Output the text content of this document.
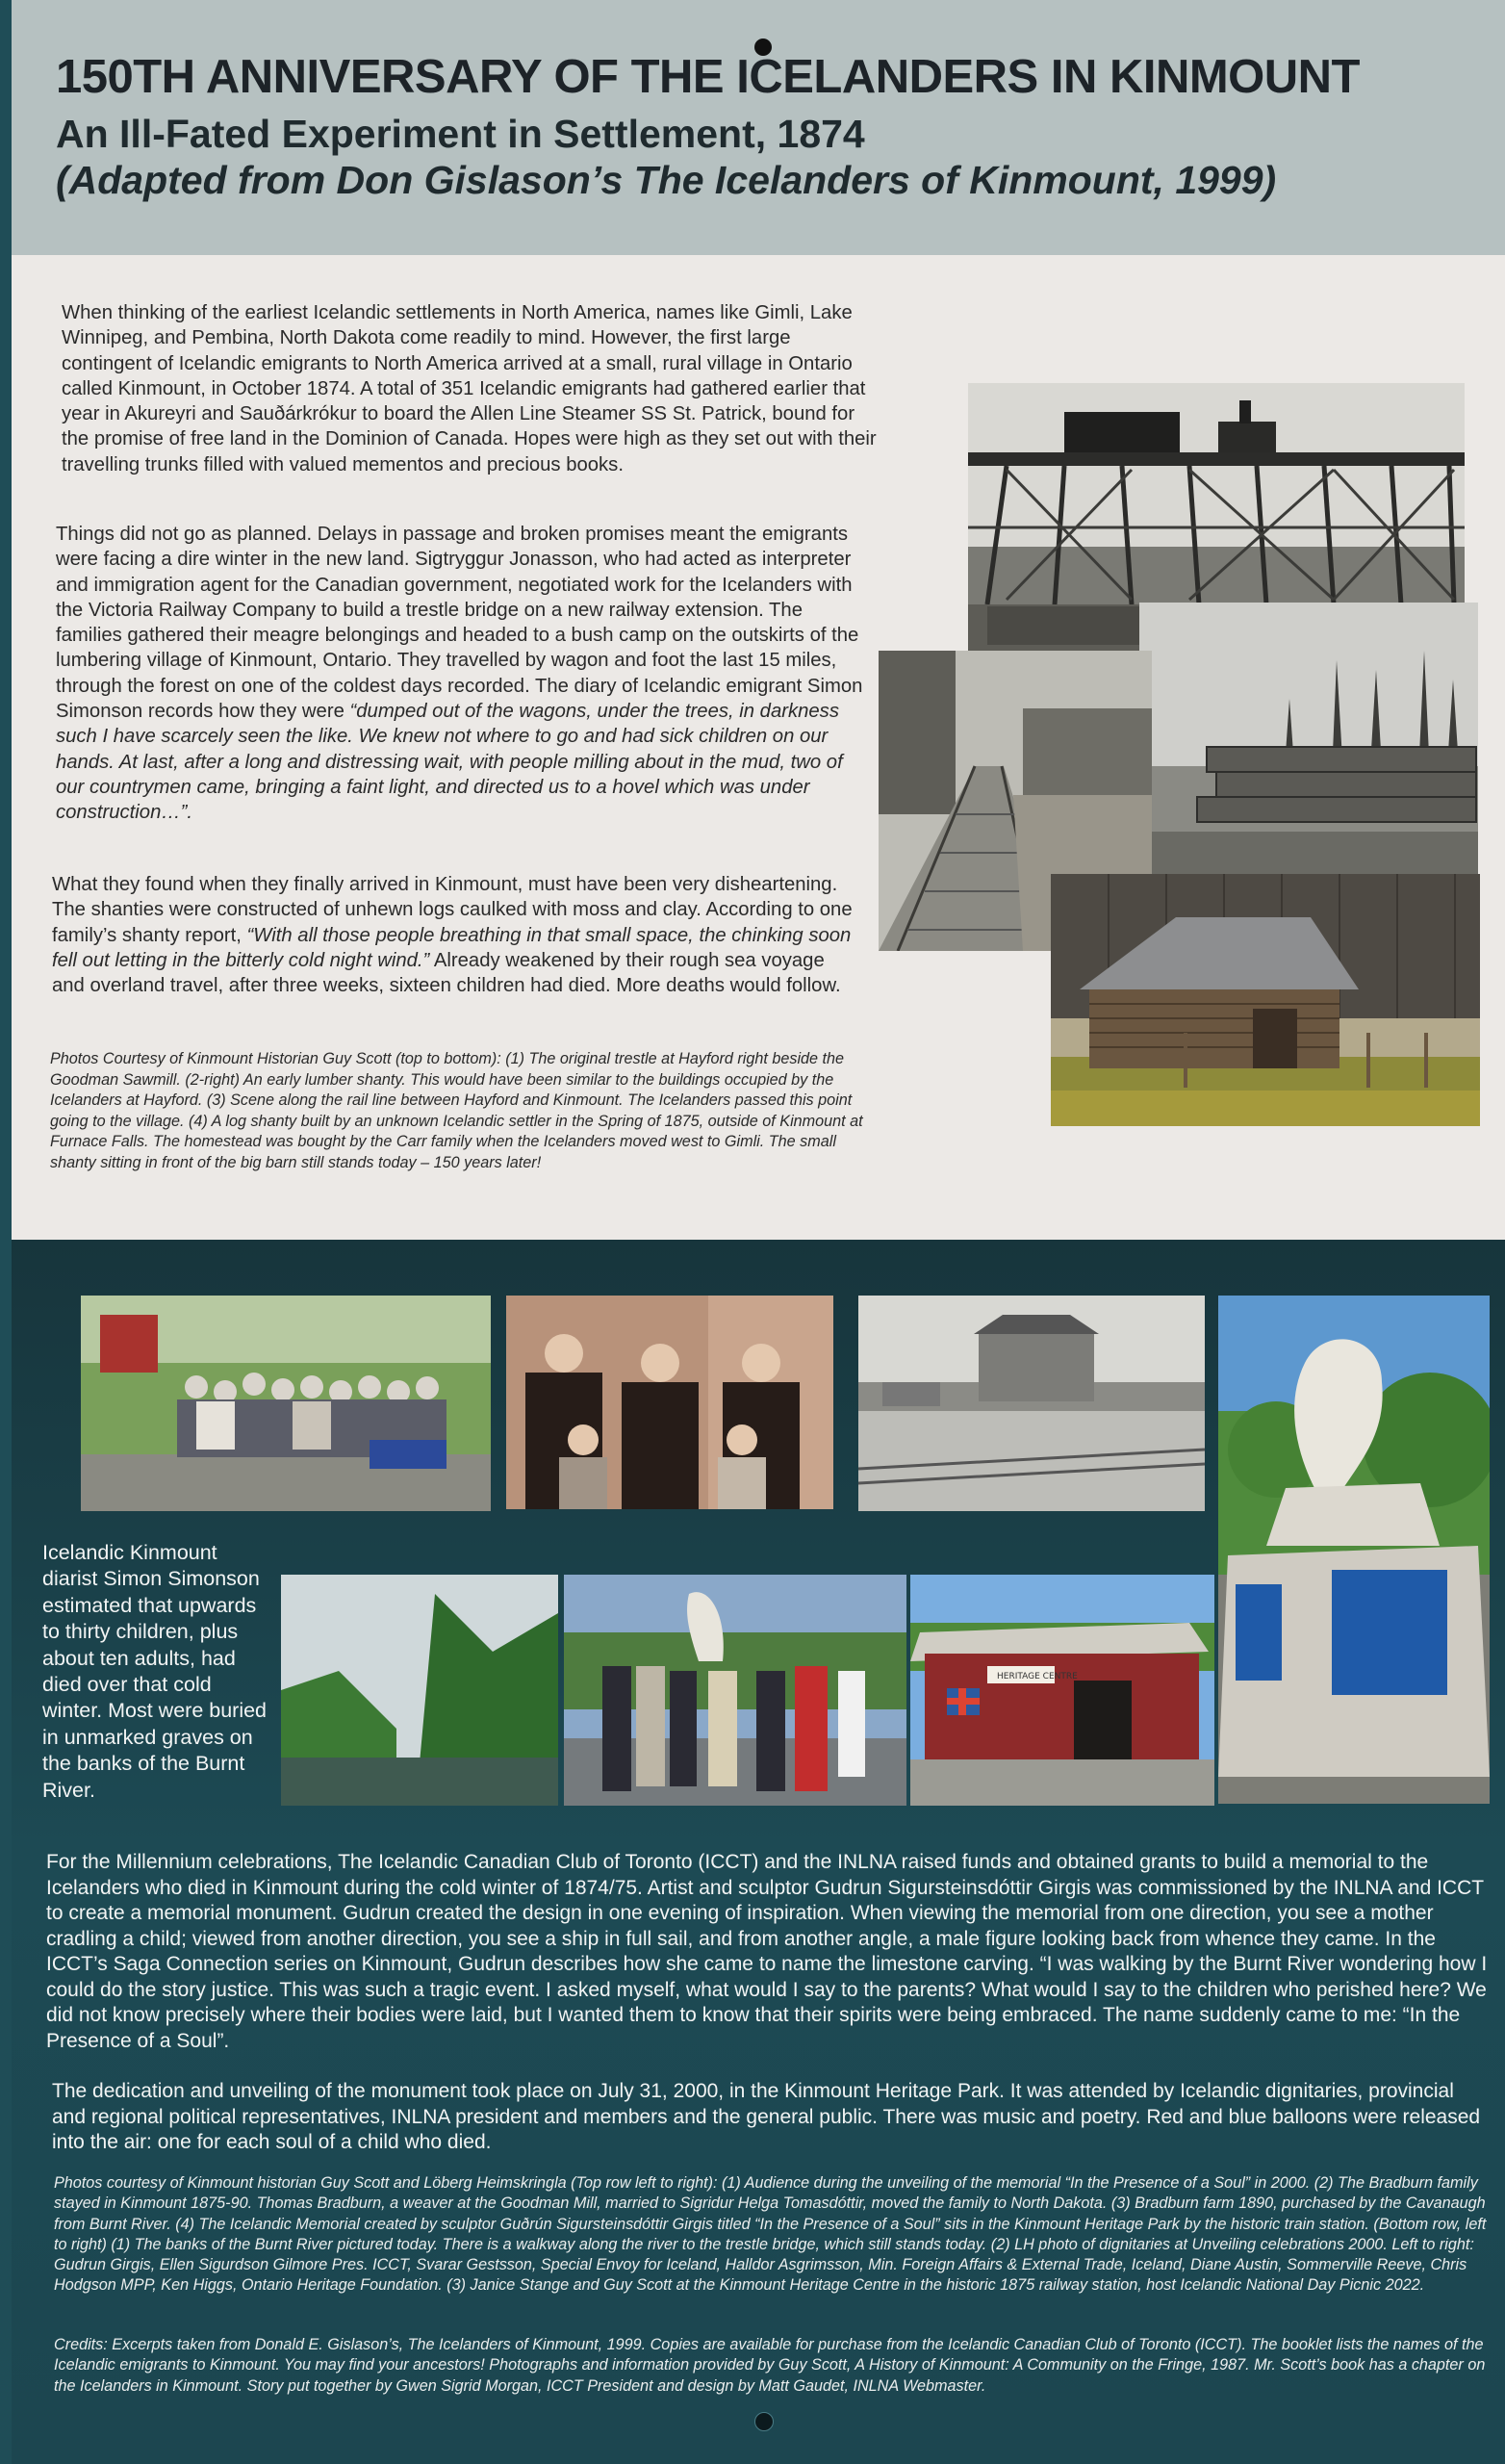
150TH ANNIVERSARY OF THE ICELANDERS IN KINMOUNT
An Ill-Fated Experiment in Settlement, 1874
(Adapted from Don Gislason’s The Icelanders of Kinmount, 1999)

When thinking of the earliest Icelandic settlements in North America, names like Gimli, Lake Winnipeg, and Pembina, North Dakota come readily to mind. However, the first large contingent of Icelandic emigrants to North America arrived at a small, rural village in Ontario called Kinmount, in October 1874. A total of 351 Icelandic emigrants had gathered earlier that year in Akureyri and Sauðárkrókur to board the Allen Line Steamer SS St. Patrick, bound for the promise of free land in the Dominion of Canada. Hopes were high as they set out with their travelling trunks filled with valued mementos and precious books.

Things did not go as planned. Delays in passage and broken promises meant the emigrants were facing a dire winter in the new land. Sigtryggur Jonasson, who had acted as interpreter and immigration agent for the Canadian government, negotiated work for the Icelanders with the Victoria Railway Company to build a trestle bridge on a new railway extension. The families gathered their meagre belongings and headed to a bush camp on the outskirts of the lumbering village of Kinmount, Ontario. They travelled by wagon and foot the last 15 miles, through the forest on one of the coldest days recorded. The diary of Icelandic emigrant Simon Simonson records how they were “dumped out of the wagons, under the trees, in darkness such I have scarcely seen the like. We knew not where to go and had sick children on our hands. At last, after a long and distressing wait, with people milling about in the mud, two of our countrymen came, bringing a faint light, and directed us to a hovel which was under construction…”.

What they found when they finally arrived in Kinmount, must have been very disheartening. The shanties were constructed of unhewn logs caulked with moss and clay. According to one family’s shanty report, “With all those people breathing in that small space, the chinking soon fell out letting in the bitterly cold night wind.” Already weakened by their rough sea voyage and overland travel, after three weeks, sixteen children had died. More deaths would follow.

Photos Courtesy of Kinmount Historian Guy Scott (top to bottom): (1) The original trestle at Hayford right beside the Goodman Sawmill. (2-right) An early lumber shanty. This would have been similar to the buildings occupied by the Icelanders at Hayford. (3) Scene along the rail line between Hayford and Kinmount. The Icelanders passed this point going to the village. (4) A log shanty built by an unknown Icelandic settler in the Spring of 1875, outside of Kinmount at Furnace Falls. The homestead was bought by the Carr family when the Icelanders moved west to Gimli. The small shanty sitting in front of the big barn still stands today – 150 years later!

Icelandic Kinmount diarist Simon Simonson estimated that upwards to thirty children, plus about ten adults, had died over that cold winter. Most were buried in unmarked graves on the banks of the Burnt River.

HERITAGE CENTRE

For the Millennium celebrations, The Icelandic Canadian Club of Toronto (ICCT) and the INLNA raised funds and obtained grants to build a memorial to the Icelanders who died in Kinmount during the cold winter of 1874/75. Artist and sculptor Gudrun Sigursteinsdóttir Girgis was commissioned by the INLNA and ICCT to create a memorial monument. Gudrun created the design in one evening of inspiration. When viewing the memorial from one direction, you see a mother cradling a child; viewed from another direction, you see a ship in full sail, and from another angle, a male figure looking back from whence they came. In the ICCT’s Saga Connection series on Kinmount, Gudrun describes how she came to name the limestone carving. “I was walking by the Burnt River wondering how I could do the story justice. This was such a tragic event. I asked myself, what would I say to the parents? What would I say to the children who perished here? We did not know precisely where their bodies were laid, but I wanted them to know that their spirits were being embraced. The name suddenly came to me: “In the Presence of a Soul”.

The dedication and unveiling of the monument took place on July 31, 2000, in the Kinmount Heritage Park. It was attended by Icelandic dignitaries, provincial and regional political representatives, INLNA president and members and the general public. There was music and poetry. Red and blue balloons were released into the air: one for each soul of a child who died.

Photos courtesy of Kinmount historian Guy Scott and Löberg Heimskringla (Top row left to right): (1) Audience during the unveiling of the memorial “In the Presence of a Soul” in 2000. (2) The Bradburn family stayed in Kinmount 1875-90. Thomas Bradburn, a weaver at the Goodman Mill, married to Sigridur Helga Tomasdóttir, moved the family to North Dakota. (3) Bradburn farm 1890, purchased by the Cavanaugh from Burnt River. (4) The Icelandic Memorial created by sculptor Guðrún Sigursteinsdóttir Girgis titled “In the Presence of a Soul” sits in the Kinmount Heritage Park by the historic train station. (Bottom row, left to right) (1) The banks of the Burnt River pictured today. There is a walkway along the river to the trestle bridge, which still stands today. (2) LH photo of dignitaries at Unveiling celebrations 2000. Left to right: Gudrun Girgis, Ellen Sigurdson Gilmore Pres. ICCT, Svarar Gestsson, Special Envoy for Iceland, Halldor Asgrimsson, Min. Foreign Affairs & External Trade, Iceland, Diane Austin, Sommerville Reeve, Chris Hodgson MPP, Ken Higgs, Ontario Heritage Foundation. (3) Janice Stange and Guy Scott at the Kinmount Heritage Centre in the historic 1875 railway station, host Icelandic National Day Picnic 2022.

Credits: Excerpts taken from Donald E. Gislason’s, The Icelanders of Kinmount, 1999. Copies are available for purchase from the Icelandic Canadian Club of Toronto (ICCT). The booklet lists the names of the Icelandic emigrants to Kinmount. You may find your ancestors! Photographs and information provided by Guy Scott, A History of Kinmount: A Community on the Fringe, 1987. Mr. Scott’s book has a chapter on the Icelanders in Kinmount. Story put together by Gwen Sigrid Morgan, ICCT President and design by Matt Gaudet, INLNA Webmaster.
